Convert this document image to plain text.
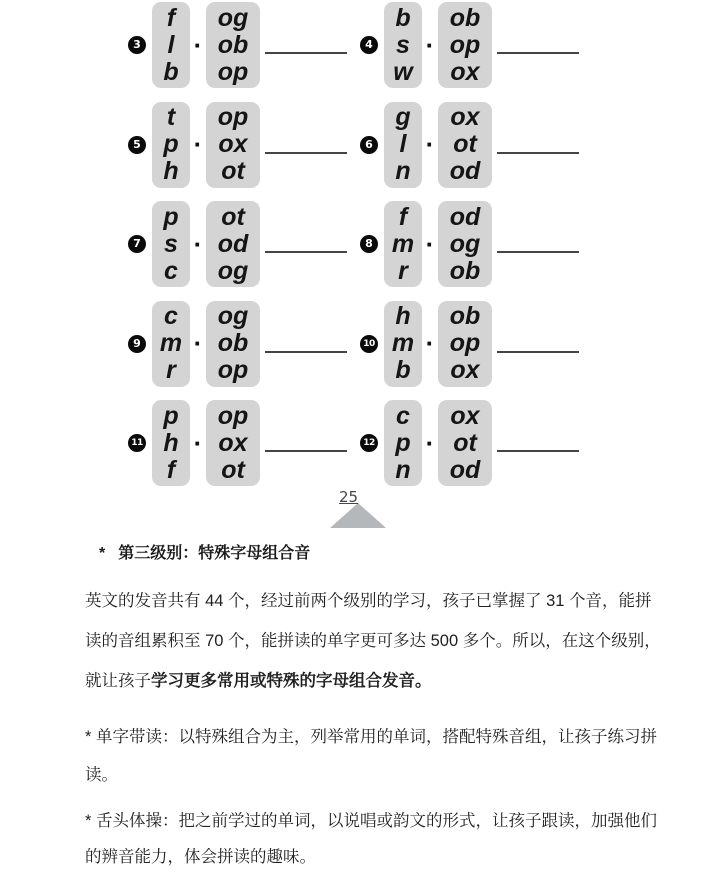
3
f
l
b
·
og
ob
op
4
b
s
w
·
ob
op
ox
5
t
p
h
·
op
ox
ot
6
g
l
n
·
ox
ot
od
7
p
s
c
·
ot
od
og
8
f
m
r
·
od
og
ob
9
c
m
r
·
og
ob
op
10
h
m
b
·
ob
op
ox
11
p
h
f
·
op
ox
ot
12
c
p
n
·
ox
ot
od
25
* 第三级别：特殊字母组合音
英文的发音共有 44 个，经过前两个级别的学习，孩子已掌握了 31 个音，能拼
读的音组累积至 70 个，能拼读的单字更可多达 500 多个。所以，在这个级别，
就让孩子学习更多常用或特殊的字母组合发音。
* 单字带读：以特殊组合为主，列举常用的单词，搭配特殊音组，让孩子练习拼
读。
* 舌头体操：把之前学过的单词，以说唱或韵文的形式，让孩子跟读，加强他们
的辨音能力，体会拼读的趣味。
